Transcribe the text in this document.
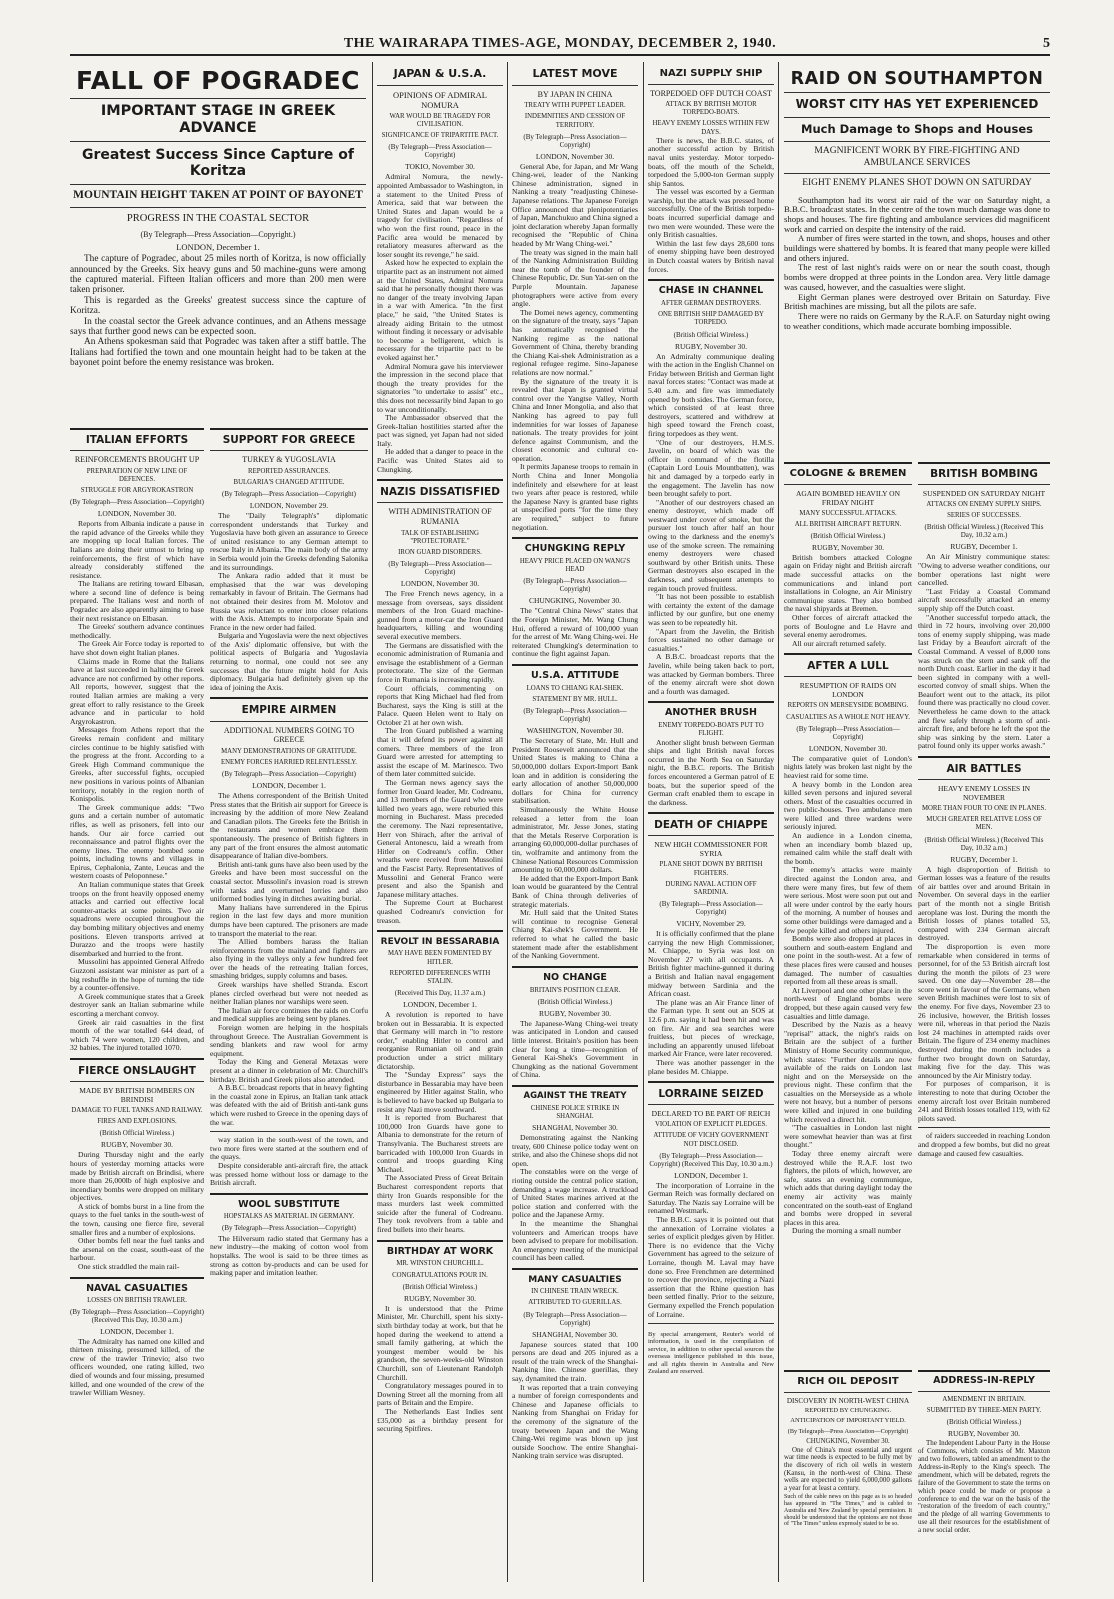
THE WAIRARAPA TIMES-AGE, MONDAY, DECEMBER 2, 1940.	5
FALL OF POGRADEC
IMPORTANT STAGE IN GREEK ADVANCE
Greatest Success Since Capture of Koritza
MOUNTAIN HEIGHT TAKEN AT POINT OF BAYONET
PROGRESS IN THE COASTAL SECTOR
(By Telegraph—Press Association—Copyright.)
LONDON, December 1.

The capture of Pogradec, about 25 miles north of Koritza, is now officially announced by the Greeks. Six heavy guns and 50 machine-guns were among the captured material. Fifteen Italian officers and more than 200 men were taken prisoner.

This is regarded as the Greeks' greatest success since the capture of Koritza.

In the coastal sector the Greek advance continues, and an Athens message says that further good news can be expected soon.

An Athens spokesman said that Pogradec was taken after a stiff battle. The Italians had fortified the town and one mountain height had to be taken at the bayonet point before the enemy resistance was broken.

ITALIAN EFFORTS
REINFORCEMENTS BROUGHT UP
PREPARATION OF NEW LINE OF DEFENCES.
STRUGGLE FOR ARGYROKASTRON
(By Telegraph—Press Association—Copyright)
LONDON, November 30.

Reports from Albania indicate a pause in the rapid advance of the Greeks while they are mopping up local Italian forces. The Italians are doing their utmost to bring up reinforcements, the first of which have already considerably stiffened the resistance.

The Italians are retiring toward Elbasan, where a second line of defence is being prepared. The Italians west and north of Pogradec are also apparently aiming to base their next resistance on Elbasan.

The Greeks' southern advance continues methodically.

The Greek Air Force today is reported to have shot down eight Italian planes.

Claims made in Rome that the Italians have at last succeeded in halting the Greek advance are not confirmed by other reports. All reports, however, suggest that the routed Italian armies are making a very great effort to rally resistance to the Greek advance and in particular to hold Argyrokastron.

Messages from Athens report that the Greeks remain confident and military circles continue to be highly satisfied with the progress at the front. According to a Greek High Command communique the Greeks, after successful fights, occupied new positions in various points of Albanian territory, notably in the region north of Konispolis.

The Greek communique adds: "Two guns and a certain number of automatic rifles, as well as prisoners, fell into our hands. Our air force carried out reconnaissance and patrol flights over the enemy lines. The enemy bombed some points, including towns and villages in Epirus, Cephalonia, Zante, Leucas and the western coasts of Peloponnese."

An Italian communique states that Greek troops on the front heavily opposed enemy attacks and carried out effective local counter-attacks at some points. Two air squadrons were occupied throughout the day bombing military objectives and enemy positions. Eleven transports arrived at Durazzo and the troops were hastily disembarked and hurried to the front.

Mussolini has appointed General Alfredo Guzzoni assistant war minister as part of a big reshuffle in the hope of turning the tide by a counter-offensive.

A Greek communique states that a Greek destroyer sank an Italian submarine while escorting a merchant convoy.

Greek air raid casualties in the first month of the war totalled 644 dead, of which 74 were women, 120 children, and 32 babies. The injured totalled 1070.

FIERCE ONSLAUGHT
MADE BY BRITISH BOMBERS ON BRINDISI
DAMAGE TO FUEL TANKS AND RAILWAY.
FIRES AND EXPLOSIONS.
(British Official Wireless.)
RUGBY, November 30.

During Thursday night and the early hours of yesterday morning attacks were made by British aircraft on Brindisi, where more than 26,000lb of high explosive and incendiary bombs were dropped on military objectives.

A stick of bombs burst in a line from the quays to the fuel tanks in the south-west of the town, causing one fierce fire, several smaller fires and a number of explosions.

Other bombs fell near the fuel tanks and the arsenal on the coast, south-east of the harbour.

One stick straddled the main rail-

NAVAL CASUALTIES
LOSSES ON BRITISH TRAWLER.
(By Telegraph—Press Association—Copyright) (Received This Day, 10.30 a.m.)
LONDON, December 1.

The Admiralty has named one killed and thirteen missing, presumed killed, of the crew of the trawler Trinevio; also two officers wounded, one rating killed, two died of wounds and four missing, presumed killed, and one wounded of the crew of the trawler William Wesney.

SUPPORT FOR GREECE
TURKEY & YUGOSLAVIA
REPORTED ASSURANCES.
BULGARIA'S CHANGED ATTITUDE.
(By Telegraph—Press Association—Copyright)
LONDON, November 29.

The "Daily Telegraph's" diplomatic correspondent understands that Turkey and Yugoslavia have both given an assurance to Greece of united resistance to any German attempt to rescue Italy in Albania. The main body of the army in Serbia would join the Greeks defending Salonika and its surroundings.

The Ankara radio added that it must be emphasised that the war was developing remarkably in favour of Britain. The Germans had not obtained their desires from M. Molotov and Russia was reluctant to enter into closer relations with the Axis. Attempts to incorporate Spain and France in the new order had failed.

Bulgaria and Yugoslavia were the next objectives of the Axis' diplomatic offensive, but with the political aspects of Bulgaria and Yugoslavia returning to normal, one could not see any successes that the future might hold for Axis diplomacy. Bulgaria had definitely given up the idea of joining the Axis.

EMPIRE AIRMEN
ADDITIONAL NUMBERS GOING TO GREECE
MANY DEMONSTRATIONS OF GRATITUDE.
ENEMY FORCES HARRIED RELENTLESSLY.
(By Telegraph—Press Association—Copyright)
LONDON, December 1.

The Athens correspondent of the British United Press states that the British air support for Greece is increasing by the addition of more New Zealand and Canadian pilots. The Greeks fete the British in the restaurants and women embrace them spontaneously. The presence of British fighters in any part of the front ensures the almost automatic disappearance of Italian dive-bombers.

British anti-tank guns have also been used by the Greeks and have been most successful on the coastal sector. Mussolini's invasion road is strewn with tanks and overturned lorries and also uniformed bodies lying in ditches awaiting burial.

Many Italians have surrendered in the Epirus region in the last few days and more munition dumps have been captured. The prisoners are made to transport the material to the rear.

The Allied bombers harass the Italian reinforcements from the mainland and fighters are also flying in the valleys only a few hundred feet over the heads of the retreating Italian forces, smashing bridges, supply columns and bases.

Greek warships have shelled Stranda. Escort planes circled overhead but were not needed as neither Italian planes nor warships were seen.

The Italian air force continues the raids on Corfu and medical supplies are being sent by planes.

Foreign women are helping in the hospitals throughout Greece. The Australian Government is sending blankets and raw wool for army equipment.

Today the King and General Metaxas were present at a dinner in celebration of Mr. Churchill's birthday. British and Greek pilots also attended.

A B.B.C. broadcast reports that in heavy fighting in the coastal zone in Epirus, an Italian tank attack was defeated with the aid of British anti-tank guns which were rushed to Greece in the opening days of the war.

way station in the south-west of the town, and two more fires were started at the southern end of the quays.

Despite considerable anti-aircraft fire, the attack was pressed home without loss or damage to the British aircraft.

WOOL SUBSTITUTE
HOPSTALKS AS MATERIAL IN GERMANY.
(By Telegraph—Press Association—Copyright)

The Hilversum radio stated that Germany has a new industry—the making of cotton wool from hopstalks. The wool is said to be three times as strong as cotton by-products and can be used for making paper and imitation leather.

JAPAN & U.S.A.
OPINIONS OF ADMIRAL NOMURA
WAR WOULD BE TRAGEDY FOR CIVILISATION.
SIGNIFICANCE OF TRIPARTITE PACT.
(By Telegraph—Press Association—Copyright)
TOKIO, November 30.

Admiral Nomura, the newly-appointed Ambassador to Washington, in a statement to the United Press of America, said that war between the United States and Japan would be a tragedy for civilisation. "Regardless of who won the first round, peace in the Pacific area would be menaced by retaliatory measures afterward as the loser sought its revenge," he said.

Asked how he expected to explain the tripartite pact as an instrument not aimed at the United States, Admiral Nomura said that he personally thought there was no danger of the treaty involving Japan in a war with America. "In the first place," he said, "the United States is already aiding Britain to the utmost without finding it necessary or advisable to become a belligerent, which is necessary for the tripartite pact to be evoked against her."

Admiral Nomura gave his interviewer the impression in the second place that though the treaty provides for the signatories "to undertake to assist" etc., this does not necessarily bind Japan to go to war unconditionally.

The Ambassador observed that the Greek-Italian hostilities started after the pact was signed, yet Japan had not sided Italy.

He added that a danger to peace in the Pacific was United States aid to Chungking.

NAZIS DISSATISFIED
WITH ADMINISTRATION OF RUMANIA
TALK OF ESTABLISHING "PROTECTORATE."
IRON GUARD DISORDERS.
(By Telegraph—Press Association—Copyright)
LONDON, November 30.

The Free French news agency, in a message from overseas, says dissident members of the Iron Guard machine-gunned from a motor-car the Iron Guard headquarters, killing and wounding several executive members.

The Germans are dissatisfied with the economic administration of Rumania and envisage the establishment of a German protectorate. The size of the German force in Rumania is increasing rapidly.

Court officials, commenting on reports that King Michael had fled from Bucharest, says the King is still at the Palace. Queen Helen went to Italy on October 21 at her own wish.

The Iron Guard published a warning that it will defend its power against all comers. Three members of the Iron Guard were arrested for attempting to assist the escape of M. Marinesco. Two of them later committed suicide.

The German news agency says the former Iron Guard leader, Mr. Codreanu, and 13 members of the Guard who were killed two years ago, were reburied this morning in Bucharest. Mass preceded the ceremony. The Nazi representative, Herr von Shirach, after the arrival of General Antonescu, laid a wreath from Hitler on Codreanu's coffin. Other wreaths were received from Mussolini and the Fascist Party. Representatives of Mussolini and General Franco were present and also the Spanish and Japanese military attaches.

The Supreme Court at Bucharest quashed Codreanu's conviction for treason.

REVOLT IN BESSARABIA
MAY HAVE BEEN FOMENTED BY HITLER.
REPORTED DIFFERENCES WITH STALIN.
(Received This Day, 11.37 a.m.)
LONDON, December 1.

A revolution is reported to have broken out in Bessarabia. It is expected that Germany will march in "to restore order," enabling Hitler to control and reorganise Rumanian oil and grain production under a strict military dictatorship.

The "Sunday Express" says the disturbance in Bessarabia may have been engineered by Hitler against Stalin, who is believed to have backed up Bulgaria to resist any Nazi move southward.

It is reported from Bucharest that 100,000 Iron Guards have gone to Albania to demonstrate for the return of Transylvania. The Bucharest streets are barricaded with 100,000 Iron Guards in control and troops guarding King Michael.

The Associated Press of Great Britain Bucharest correspondent reports that thirty Iron Guards responsible for the mass murders last week committed suicide after the funeral of Codreanu. They took revolvers from a table and fired bullets into their hearts.

BIRTHDAY AT WORK
MR. WINSTON CHURCHILL.
CONGRATULATIONS POUR IN.
(British Official Wireless.)
RUGBY, November 30.

It is understood that the Prime Minister, Mr. Churchill, spent his sixty-sixth birthday today at work, but that he hoped during the weekend to attend a small family gathering, at which the youngest member would be his grandson, the seven-weeks-old Winston Churchill, son of Lieutenant Randolph Churchill.

Congratulatory messages poured in to Downing Street all the morning from all parts of Britain and the Empire.

The Netherlands East Indies sent £35,000 as a birthday present for securing Spitfires.

LATEST MOVE
BY JAPAN IN CHINA
TREATY WITH PUPPET LEADER.
INDEMNITIES AND CESSION OF TERRITORY.
(By Telegraph—Press Association—Copyright)
LONDON, November 30.

General Abe, for Japan, and Mr Wang Ching-wei, leader of the Nanking Chinese administration, signed in Nanking a treaty "readjusting Chinese-Japanese relations. The Japanese Foreign Office announced that plenipotentiaries of Japan, Manchukuo and China signed a joint declaration whereby Japan formally recognised the "Republic of China headed by Mr Wang Ching-wei."

The treaty was signed in the main hall of the Nanking Administration Building near the tomb of the founder of the Chinese Republic, Dr. Sun Yat-sen on the Purple Mountain. Japanese photographers were active from every angle.

The Domei news agency, commenting on the signature of the treaty, says "Japan has automatically recognised the Nanking regime as the national Government of China, thereby branding the Chiang Kai-shek Administration as a regional refugee regime. Sino-Japanese relations are now normal."

By the signature of the treaty it is revealed that Japan is granted virtual control over the Yangtse Valley, North China and Inner Mongolia, and also that Nanking has agreed to pay full indemnities for war losses of Japanese nationals. The treaty provides for joint defence against Communism, and the closest economic and cultural co-operation.

It permits Japanese troops to remain in North China and Inner Mongolia indefinitely and elsewhere for at least two years after peace is restored, while the Japanese Navy is granted base rights at unspecified ports "for the time they are required," subject to future negotiation.

CHUNGKING REPLY
HEAVY PRICE PLACED ON WANG'S HEAD
(By Telegraph—Press Association—Copyright)
CHUNGKING, November 30.

The "Central China News" states that the Foreign Minister, Mr. Wang Chung Hui, offered a reward of 100,000 yuan for the arrest of Mr. Wang Ching-wei. He reiterated Chungking's determination to continue the fight against Japan.

U.S.A. ATTITUDE
LOANS TO CHIANG KAI-SHEK.
STATEMENT BY MR. HULL.
(By Telegraph—Press Association—Copyright)
WASHINGTON, November 30.

The Secretary of State, Mr. Hull and President Roosevelt announced that the United States is making to China a 50,000,000 dollars Export-Import Bank loan and in addition is considering the early allocation of another 50,000,000 dollars for China for currency stabilisation.

Simultaneously the White House released a letter from the loan administrator, Mr. Jesse Jones, stating that the Metals Reserve Corporation is arranging 60,000,000-dollar purchases of tin, wolframite and antimony from the Chinese National Resources Commission amounting to 60,000,000 dollars.

He added that the Export-Import Bank loan would be guaranteed by the Central Bank of China through deliveries of strategic materials.

Mr. Hull said that the United States will continue to recognise General Chiang Kai-shek's Government. He referred to what he called the basic statement made after the establishment of the Nanking Government.

NO CHANGE
BRITAIN'S POSITION CLEAR.
(British Official Wireless.)
RUGBY, November 30.

The Japanese-Wang Ching-wei treaty was anticipated in London and caused little interest. Britain's position has been clear for long a time—recognition of General Kai-Shek's Government in Chungking as the national Government of China.

AGAINST THE TREATY
CHINESE POLICE STRIKE IN SHANGHAI.
SHANGHAI, November 30.

Demonstrating against the Nanking treaty, 600 Chinese police today went on strike, and also the Chinese shops did not open.

The constables were on the verge of rioting outside the central police station, demanding a wage increase. A truckload of United States marines arrived at the police station and conferred with the police and the Japanese Army.

In the meantime the Shanghai volunteers and American troops have been advised to prepare for mobilisation. An emergency meeting of the municipal council has been called.

MANY CASUALTIES
IN CHINESE TRAIN WRECK.
ATTRIBUTED TO GUERILLAS.
(By Telegraph—Press Association—Copyright)
SHANGHAI, November 30.

Japanese sources stated that 100 persons are dead and 205 injured as a result of the train wreck of the Shanghai-Nanking line. Chinese guerillas, they say, dynamited the train.

It was reported that a train conveying a number of foreign correspondents and Chinese and Japanese officials to Nanking from Shanghai on Friday for the ceremony of the signature of the treaty between Japan and the Wang Ching-Wei regime was blown up just outside Soochow. The entire Shanghai-Nanking train service was disrupted.

NAZI SUPPLY SHIP
TORPEDOED OFF DUTCH COAST
ATTACK BY BRITISH MOTOR TORPEDO-BOATS.
HEAVY ENEMY LOSSES WITHIN FEW DAYS.

There is news, the B.B.C. states, of another successful action by British naval units yesterday. Motor torpedo-boats, off the mouth of the Scheldt, torpedoed the 5,000-ton German supply ship Santos.

The vessel was escorted by a German warship, but the attack was pressed home successfully. One of the British torpedo-boats incurred superficial damage and two men were wounded. These were the only British casualties.

Within the last few days 28,600 tons of enemy shipping have been destroyed in Dutch coastal waters by British naval forces.

CHASE IN CHANNEL
AFTER GERMAN DESTROYERS.
ONE BRITISH SHIP DAMAGED BY TORPEDO.
(British Official Wireless.)
RUGBY, November 30.

An Admiralty communique dealing with the action in the English Channel on Friday between British and German light naval forces states: "Contact was made at 5.40 a.m. and fire was immediately opened by both sides. The German force, which consisted of at least three destroyers, scattered and withdrew at high speed toward the French coast, firing torpedoes as they went.

"One of our destroyers, H.M.S. Javelin, on board of which was the officer in command of the flotilla (Captain Lord Louis Mountbatten), was hit and damaged by a torpedo early in the engagement. The Javelin has now been brought safely to port.

"Another of our destroyers chased an enemy destroyer, which made off westward under cover of smoke, but the pursuer lost touch after half an hour owing to the darkness and the enemy's use of the smoke screen. The remaining enemy destroyers were chased southward by other British units. These German destroyers also escaped in the darkness, and subsequent attempts to regain touch proved fruitless.

"It has not been possible to establish with certainty the extent of the damage inflicted by our gunfire, but one enemy was seen to be repeatedly hit.

"Apart from the Javelin, the British forces sustained no other damage or casualties."

A B.B.C. broadcast reports that the Javelin, while being taken back to port, was attacked by German bombers. Three of the enemy aircraft were shot down and a fourth was damaged.

ANOTHER BRUSH
ENEMY TORPEDO-BOATS PUT TO FLIGHT.

Another slight brush between German ships and light British naval forces occurred in the North Sea on Saturday night, the B.B.C. reports. The British forces encountered a German patrol of E boats, but the superior speed of the German craft enabled them to escape in the darkness.

DEATH OF CHIAPPE
NEW HIGH COMMISSIONER FOR SYRIA
PLANE SHOT DOWN BY BRITISH FIGHTERS.
DURING NAVAL ACTION OFF SARDINIA.
(By Telegraph—Press Association—Copyright)
VICHY, November 29.

It is officially confirmed that the plane carrying the new High Commissioner, M. Chiappe, to Syria was lost on November 27 with all occupants. A British fighter machine-gunned it during a British and Italian naval engagement midway between Sardinia and the African coast.

The plane was an Air France liner of the Farman type. It sent out an SOS at 12.6 p.m. saying it had been hit and was on fire. Air and sea searches were fruitless, but pieces of wreckage, including an apparently unused lifeboat marked Air France, were later recovered.

There was another passenger in the plane besides M. Chiappe.

LORRAINE SEIZED
DECLARED TO BE PART OF REICH
VIOLATION OF EXPLICIT PLEDGES.
ATTITUDE OF VICHY GOVERNMENT NOT DISCLOSED.
(By Telegraph—Press Association—Copyright) (Received This Day, 10.30 a.m.)
LONDON, December 1.

The incorporation of Lorraine in the German Reich was formally declared on Saturday. The Nazis say Lorraine will be renamed Westmark.

The B.B.C. says it is pointed out that the annexation of Lorraine violates a series of explicit pledges given by Hitler. There is no evidence that the Vichy Government has agreed to the seizure of Lorraine, though M. Laval may have done so. Free Frenchmen are determined to recover the province, rejecting a Nazi assertion that the Rhine question has been settled finally. Prior to the seizure, Germany expelled the French population of Lorraine.

By special arrangement, Reuter's world of information, is used in the compilation of service, in addition to other special sources the overseas intelligence published in this issue, and all rights therein in Australia and New Zealand are reserved.

RAID ON SOUTHAMPTON
WORST CITY HAS YET EXPERIENCED
Much Damage to Shops and Houses
MAGNIFICENT WORK BY FIRE-FIGHTING AND AMBULANCE SERVICES
EIGHT ENEMY PLANES SHOT DOWN ON SATURDAY

Southampton had its worst air raid of the war on Saturday night, a B.B.C. broadcast states. In the centre of the town much damage was done to shops and houses. The fire fighting and ambulance services did magnificent work and carried on despite the intensity of the raid.

A number of fires were started in the town, and shops, houses and other buildings were shattered by bombs. It is feared that many people were killed and others injured.

The rest of last night's raids were on or near the south coast, though bombs were dropped at three points in the London area. Very little damage was caused, however, and the casualties were slight.

Eight German planes were destroyed over Britain on Saturday. Five British machines are missing, but all the pilots are safe.

There were no raids on Germany by the R.A.F. on Saturday night owing to weather conditions, which made accurate bombing impossible.

COLOGNE & BREMEN
AGAIN BOMBED HEAVILY ON FRIDAY NIGHT
MANY SUCCESSFUL ATTACKS.
ALL BRITISH AIRCRAFT RETURN.
(British Official Wireless.)
RUGBY, November 30.

British bombers attacked Cologne again on Friday night and British aircraft made successful attacks on the communications and inland port installations in Cologne, an Air Ministry communique states. They also bombed the naval shipyards at Bremen.

Other forces of aircraft attacked the ports of Boulogne and Le Havre and several enemy aerodromes.

All our aircraft returned safely.

AFTER A LULL
RESUMPTION OF RAIDS ON LONDON
REPORTS ON MERSEYSIDE BOMBING.
CASUALTIES AS A WHOLE NOT HEAVY.
(By Telegraph—Press Association—Copyright)
LONDON, November 30.

The comparative quiet of London's nights lately was broken last night by the heaviest raid for some time.

A heavy bomb in the London area killed seven persons and injured several others. Most of the casualties occurred in two public-houses. Two ambulance men were killed and three wardens were seriously injured.

An audience in a London cinema, when an incendiary bomb blazed up, remained calm while the staff dealt with the bomb.

The enemy's attacks were mainly directed against the London area, and there were many fires, but few of them were serious. Most were soon put out and all were under control by the early hours of the morning. A number of houses and some other buildings were damaged and a few people killed and others injured.

Bombs were also dropped at places in southern and south-eastern England and one point in the south-west. At a few of these places fires were caused and houses damaged. The number of casualties reported from all these areas is small.

At Liverpool and one other place in the north-west of England bombs were dropped, but these again caused very few casualties and little damage.

Described by the Nazis as a heavy "reprisal" attack, the night's raids on Britain are the subject of a further Ministry of Home Security communique, which states: "Further details are now available of the raids on London last night and on the Merseyside on the previous night. These confirm that the casualties on the Merseyside as a whole were not heavy, but a number of persons were killed and injured in one building which received a direct hit.

"The casualties in London last night were somewhat heavier than was at first thought."

Today three enemy aircraft were destroyed while the R.A.F. lost two fighters, the pilots of which, however, are safe, states an evening communique, which adds that during daylight today the enemy air activity was mainly concentrated on the south-east of England and bombs were dropped in several places in this area.

During the morning a small number

BRITISH BOMBING
SUSPENDED ON SATURDAY NIGHT
ATTACKS ON ENEMY SUPPLY SHIPS.
SERIES OF SUCCESSES.
(British Official Wireless.) (Received This Day, 10.32 a.m.)
RUGBY, December 1.

An Air Ministry communique states: "Owing to adverse weather conditions, our bomber operations last night were cancelled.

"Last Friday a Coastal Command aircraft successfully attacked an enemy supply ship off the Dutch coast.

"Another successful torpedo attack, the third in 72 hours, involving over 20,000 tons of enemy supply shipping, was made last Friday by a Beaufort aircraft of the Coastal Command. A vessel of 8,000 tons was struck on the stern and sank off the north Dutch coast. Earlier in the day it had been sighted in company with a well-escorted convoy of small ships. When the Beaufort went out to the attack, its pilot found there was practically no cloud cover. Nevertheless he came down to the attack and flew safely through a storm of anti-aircraft fire, and before he left the spot the ship was sinking by the stern. Later a patrol found only its upper works awash."

AIR BATTLES
HEAVY ENEMY LOSSES IN NOVEMBER
MORE THAN FOUR TO ONE IN PLANES.
MUCH GREATER RELATIVE LOSS OF MEN.
(British Official Wireless.) (Received This Day, 10.32 a.m.)
RUGBY, December 1.

A high disproportion of British to German losses was a feature of the results of air battles over and around Britain in November. On several days in the earlier part of the month not a single British aeroplane was lost. During the month the British losses of planes totalled 53, compared with 234 German aircraft destroyed.

The disproportion is even more remarkable when considered in terms of personnel, for of the 53 British aircraft lost during the month the pilots of 23 were saved. On one day—November 28—the score went in favour of the Germans, when seven British machines were lost to six of the enemy. For five days, November 23 to 26 inclusive, however, the British losses were nil, whereas in that period the Nazis lost 24 machines in attempted raids over Britain. The figure of 234 enemy machines destroyed during the month includes a further two brought down on Saturday, making five for the day. This was announced by the Air Ministry today.

For purposes of comparison, it is interesting to note that during October the enemy aircraft lost over Britain numbered 241 and British losses totalled 119, with 62 pilots saved.

of raiders succeeded in reaching London and dropped a few bombs, but did no great damage and caused few casualties.

RICH OIL DEPOSIT
DISCOVERY IN NORTH-WEST CHINA
REPORTED BY CHUNGKING.
ANTICIPATION OF IMPORTANT YIELD.
(By Telegraph—Press Association—Copyright)
CHUNGKING, November 30.

One of China's most essential and urgent war time needs is expected to be fully met by the discovery of rich oil wells in western (Kansu, in the north-west of China. These wells are expected to yield 6,000,000 gallons a year for at least a century.

Such of the cable news on this page as is so headed has appeared in "The Times," and is cabled to Australia and New Zealand by special permission. It should be understood that the opinions are not those of "The Times" unless expressly stated to be so.

ADDRESS-IN-REPLY
AMENDMENT IN BRITAIN.
SUBMITTED BY THREE-MEN PARTY.
(British Official Wireless.)
RUGBY, November 30.

The Independent Labour Party in the House of Commons, which consists of Mr. Maxton and two followers, tabled an amendment to the Address-in-Reply to the King's speech. The amendment, which will be debated, regrets the failure of the Government to state the terms on which peace could be made or propose a conference to end the war on the basis of the "restoration of the freedom of each country," and the pledge of all warring Governments to use all their resources for the establishment of a new social order.
